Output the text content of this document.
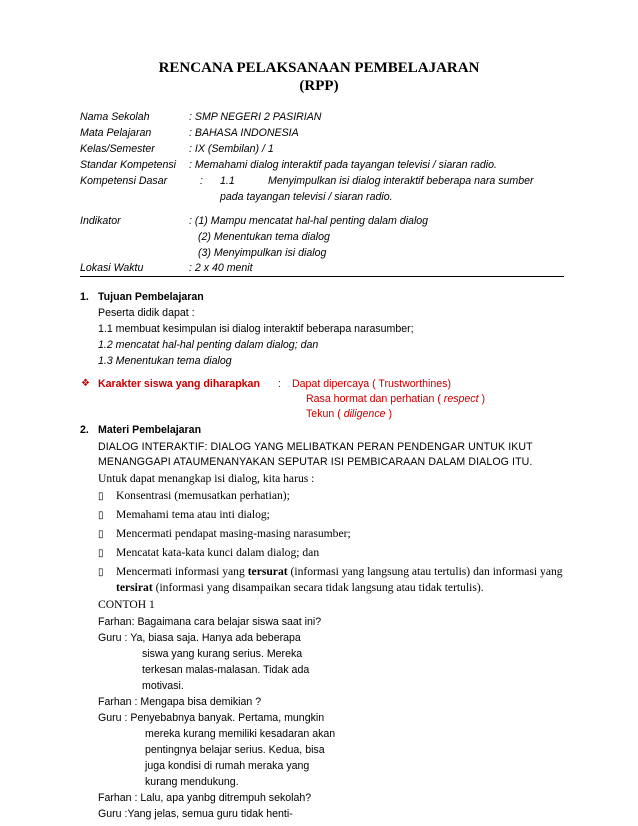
RENCANA PELAKSANAAN PEMBELAJARAN
(RPP)
Nama Sekolah	: SMP NEGERI 2 PASIRIAN
Mata Pelajaran	: BAHASA INDONESIA
Kelas/Semester	: IX (Sembilan) / 1
Standar Kompetensi : Memahami dialog interaktif pada tayangan televisi / siaran radio.
Kompetensi Dasar	: 1.1	Menyimpulkan isi dialog interaktif beberapa nara sumber
pada tayangan televisi / siaran radio.
Indikator	: (1) Mampu mencatat hal-hal penting dalam dialog
(2) Menentukan tema dialog
(3) Menyimpulkan isi dialog
Lokasi Waktu	: 2 x 40 menit
1. Tujuan Pembelajaran
Peserta didik dapat :
1.1 membuat kesimpulan isi dialog interaktif beberapa narasumber;
1.2 mencatat hal-hal penting dalam dialog; dan
1.3 Menentukan tema dialog
❖ Karakter siswa yang diharapkan : Dapat dipercaya ( Trustworthines)
Rasa hormat dan perhatian ( respect )
Tekun ( diligence )
2. Materi Pembelajaran
DIALOG INTERAKTIF: DIALOG YANG MELIBATKAN PERAN PENDENGAR UNTUK IKUT
MENANGGAPI ATAUMENANYAKAN SEPUTAR ISI PEMBICARAAN DALAM DIALOG ITU.
Untuk dapat menangkap isi dialog, kita harus :
▯ Konsentrasi (memusatkan perhatian);
▯ Memahami tema atau inti dialog;
▯ Mencermati pendapat masing-masing narasumber;
▯ Mencatat kata-kata kunci dalam dialog; dan
▯ Mencermati informasi yang tersurat (informasi yang langsung atau tertulis) dan informasi yang
tersirat (informasi yang disampaikan secara tidak langsung atau tidak tertulis).
CONTOH 1
Farhan: Bagaimana cara belajar siswa saat ini?
Guru : Ya, biasa saja. Hanya ada beberapa
siswa yang kurang serius. Mereka
terkesan malas-malasan. Tidak ada
motivasi.
Farhan : Mengapa bisa demikian ?
Guru : Penyebabnya banyak. Pertama, mungkin
mereka kurang memiliki kesadaran akan
pentingnya belajar serius. Kedua, bisa
juga kondisi di rumah meraka yang
kurang mendukung.
Farhan : Lalu, apa yanbg ditrempuh sekolah?
Guru :Yang jelas, semua guru tidak henti-
